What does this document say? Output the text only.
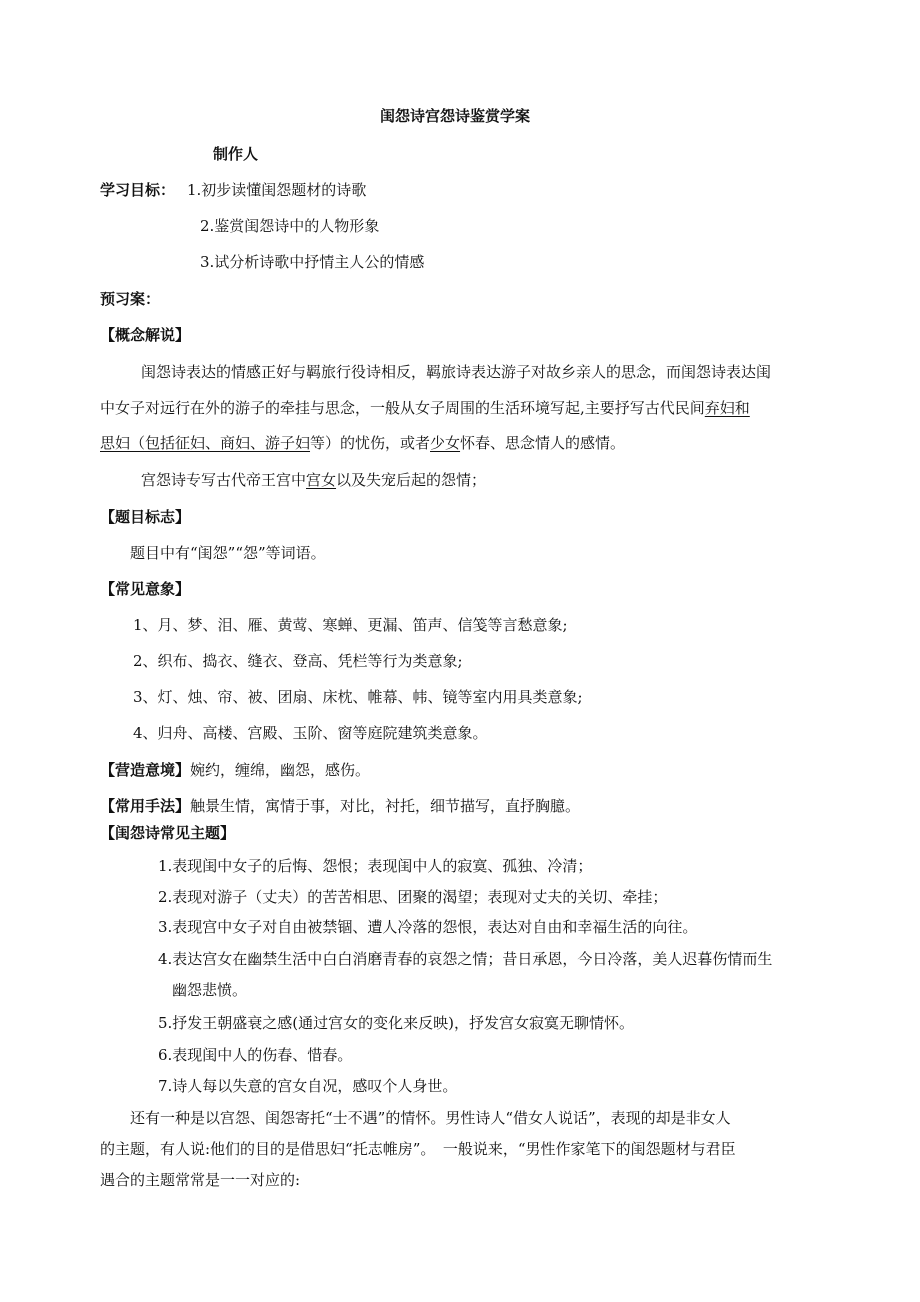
闺怨诗宫怨诗鉴赏学案
制作人
学习目标： 1.初步读懂闺怨题材的诗歌
2.鉴赏闺怨诗中的人物形象
3.试分析诗歌中抒情主人公的情感
预习案：
【概念解说】
闺怨诗表达的情感正好与羁旅行役诗相反，羁旅诗表达游子对故乡亲人的思念，而闺怨诗表达闺
中女子对远行在外的游子的牵挂与思念，一般从女子周围的生活环境写起,主要抒写古代民间弃妇和
思妇（包括征妇、商妇、游子妇等）的忧伤，或者少女怀春、思念情人的感情。
宫怨诗专写古代帝王宫中宫女以及失宠后起的怨情；
【题目标志】
题目中有“闺怨”“怨”等词语。
【常见意象】
1、月、梦、泪、雁、黄莺、寒蝉、更漏、笛声、信笺等言愁意象;
2、织布、捣衣、缝衣、登高、凭栏等行为类意象;
3、灯、烛、帘、被、团扇、床枕、帷幕、帏、镜等室内用具类意象;
4、归舟、高楼、宫殿、玉阶、窗等庭院建筑类意象。
【营造意境】婉约，缠绵，幽怨，感伤。
【常用手法】触景生情，寓情于事，对比，衬托，细节描写，直抒胸臆。
【闺怨诗常见主题】
1.表现闺中女子的后悔、怨恨；表现闺中人的寂寞、孤独、冷清；
2.表现对游子（丈夫）的苦苦相思、团聚的渴望；表现对丈夫的关切、牵挂；
3.表现宫中女子对自由被禁锢、遭人冷落的怨恨，表达对自由和幸福生活的向往。
4.表达宫女在幽禁生活中白白消磨青春的哀怨之情；昔日承恩，今日冷落，美人迟暮伤情而生
幽怨悲愤。
5.抒发王朝盛衰之感(通过宫女的变化来反映)，抒发宫女寂寞无聊情怀。
6.表现闺中人的伤春、惜春。
7.诗人每以失意的宫女自况，感叹个人身世。
还有一种是以宫怨、闺怨寄托“士不遇”的情怀。男性诗人“借女人说话”，表现的却是非女人
的主题，有人说:他们的目的是借思妇“托志帷房”。　一般说来，“男性作家笔下的闺怨题材与君臣
遇合的主题常常是一一对应的:
